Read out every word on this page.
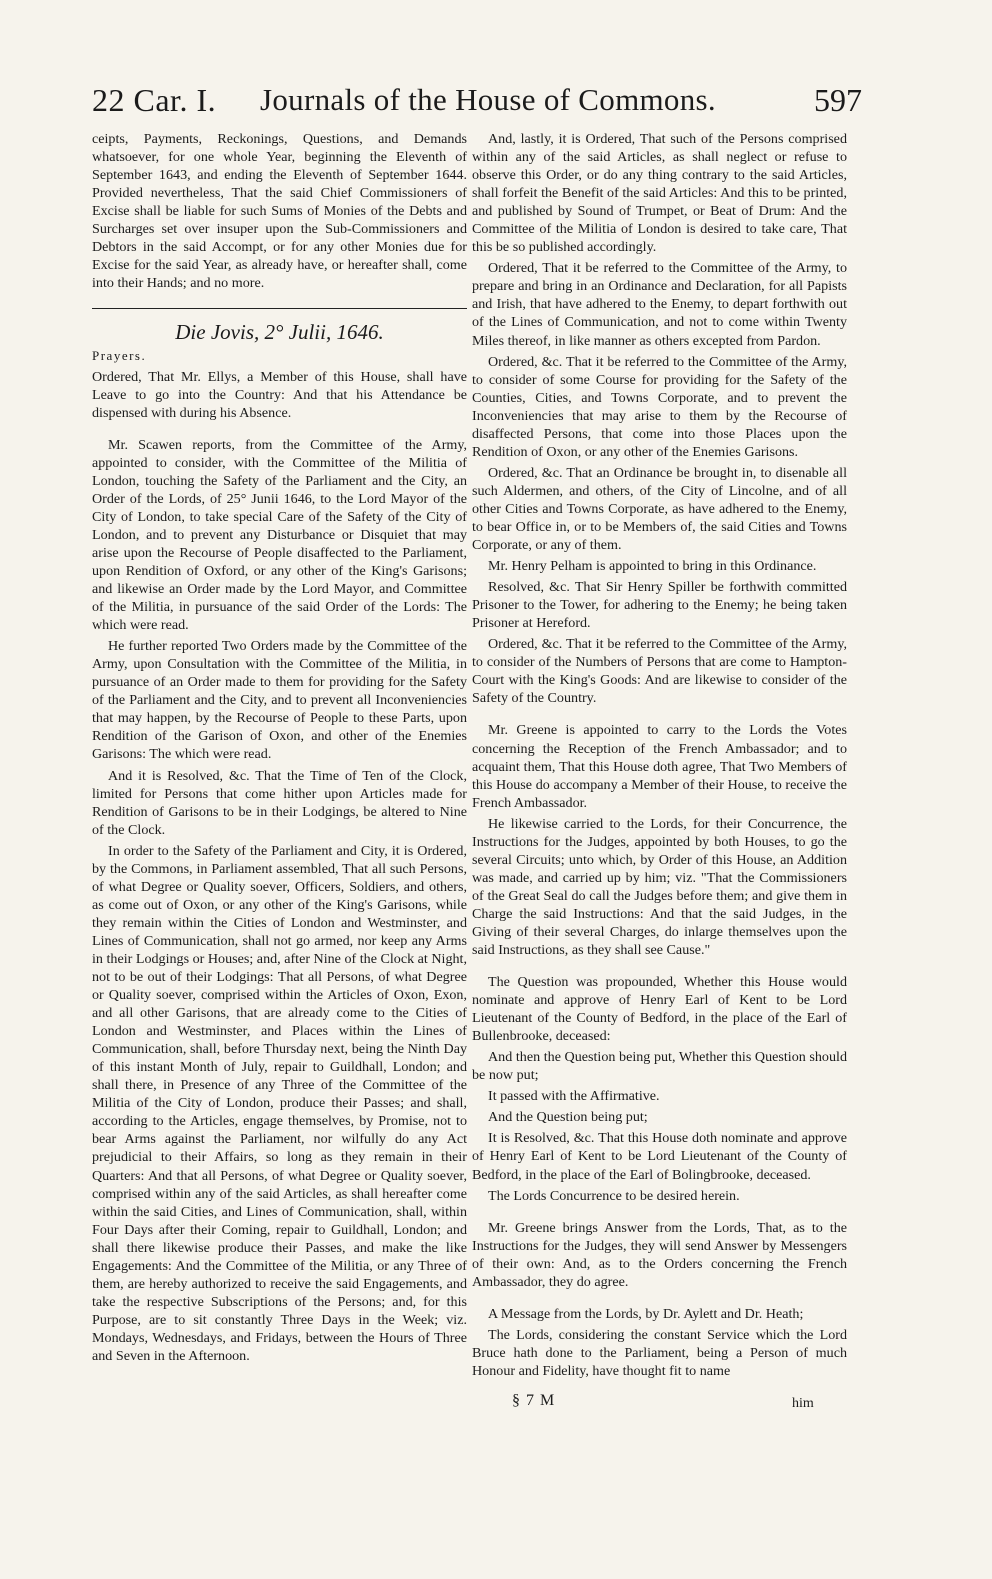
22 Car. I. Journals of the House of Commons.	597

ceipts, Payments, Reckonings, Questions, and Demands whatsoever, for one whole Year, beginning the Eleventh of September 1643, and ending the Eleventh of September 1644. Provided nevertheless, That the said Chief Commissioners of Excise shall be liable for such Sums of Monies of the Debts and Surcharges set over insuper upon the Sub-Commissioners and Debtors in the said Accompt, or for any other Monies due for Excise for the said Year, as already have, or hereafter shall, come into their Hands; and no more.

Die Jovis, 2° Julii, 1646.
Prayers.

Ordered, That Mr. Ellys, a Member of this House, shall have Leave to go into the Country: And that his Attendance be dispensed with during his Absence.

Mr. Scawen reports, from the Committee of the Army, appointed to consider, with the Committee of the Militia of London, touching the Safety of the Parliament and the City, an Order of the Lords, of 25° Junii 1646, to the Lord Mayor of the City of London, to take special Care of the Safety of the City of London, and to prevent any Disturbance or Disquiet that may arise upon the Recourse of People disaffected to the Parliament, upon Rendition of Oxford, or any other of the King's Garisons; and likewise an Order made by the Lord Mayor, and Committee of the Militia, in pursuance of the said Order of the Lords: The which were read.

He further reported Two Orders made by the Committee of the Army, upon Consultation with the Committee of the Militia, in pursuance of an Order made to them for providing for the Safety of the Parliament and the City, and to prevent all Inconveniencies that may happen, by the Recourse of People to these Parts, upon Rendition of the Garison of Oxon, and other of the Enemies Garisons: The which were read.

And it is Resolved, &c. That the Time of Ten of the Clock, limited for Persons that come hither upon Articles made for Rendition of Garisons to be in their Lodgings, be altered to Nine of the Clock.

In order to the Safety of the Parliament and City, it is Ordered, by the Commons, in Parliament assembled, That all such Persons, of what Degree or Quality soever, Officers, Soldiers, and others, as come out of Oxon, or any other of the King's Garisons, while they remain within the Cities of London and Westminster, and Lines of Communication, shall not go armed, nor keep any Arms in their Lodgings or Houses; and, after Nine of the Clock at Night, not to be out of their Lodgings: That all Persons, of what Degree or Quality soever, comprised within the Articles of Oxon, Exon, and all other Garisons, that are already come to the Cities of London and Westminster, and Places within the Lines of Communication, shall, before Thursday next, being the Ninth Day of this instant Month of July, repair to Guildhall, London; and shall there, in Presence of any Three of the Committee of the Militia of the City of London, produce their Passes; and shall, according to the Articles, engage themselves, by Promise, not to bear Arms against the Parliament, nor wilfully do any Act prejudicial to their Affairs, so long as they remain in their Quarters: And that all Persons, of what Degree or Quality soever, comprised within any of the said Articles, as shall hereafter come within the said Cities, and Lines of Communication, shall, within Four Days after their Coming, repair to Guildhall, London; and shall there likewise produce their Passes, and make the like Engagements: And the Committee of the Militia, or any Three of them, are hereby authorized to receive the said Engagements, and take the respective Subscriptions of the Persons; and, for this Purpose, are to sit constantly Three Days in the Week; viz. Mondays, Wednesdays, and Fridays, between the Hours of Three and Seven in the Afternoon.

And, lastly, it is Ordered, That such of the Persons comprised within any of the said Articles, as shall neglect or refuse to observe this Order, or do any thing contrary to the said Articles, shall forfeit the Benefit of the said Articles: And this to be printed, and published by Sound of Trumpet, or Beat of Drum: And the Committee of the Militia of London is desired to take care, That this be so published accordingly.

Ordered, That it be referred to the Committee of the Army, to prepare and bring in an Ordinance and Declaration, for all Papists and Irish, that have adhered to the Enemy, to depart forthwith out of the Lines of Communication, and not to come within Twenty Miles thereof, in like manner as others excepted from Pardon.

Ordered, &c. That it be referred to the Committee of the Army, to consider of some Course for providing for the Safety of the Counties, Cities, and Towns Corporate, and to prevent the Inconveniencies that may arise to them by the Recourse of disaffected Persons, that come into those Places upon the Rendition of Oxon, or any other of the Enemies Garisons.

Ordered, &c. That an Ordinance be brought in, to disenable all such Aldermen, and others, of the City of Lincolne, and of all other Cities and Towns Corporate, as have adhered to the Enemy, to bear Office in, or to be Members of, the said Cities and Towns Corporate, or any of them.

Mr. Henry Pelham is appointed to bring in this Ordinance.

Resolved, &c. That Sir Henry Spiller be forthwith committed Prisoner to the Tower, for adhering to the Enemy; he being taken Prisoner at Hereford.

Ordered, &c. That it be referred to the Committee of the Army, to consider of the Numbers of Persons that are come to Hampton-Court with the King's Goods: And are likewise to consider of the Safety of the Country.

Mr. Greene is appointed to carry to the Lords the Votes concerning the Reception of the French Ambassador; and to acquaint them, That this House doth agree, That Two Members of this House do accompany a Member of their House, to receive the French Ambassador.

He likewise carried to the Lords, for their Concurrence, the Instructions for the Judges, appointed by both Houses, to go the several Circuits; unto which, by Order of this House, an Addition was made, and carried up by him; viz. "That the Commissioners of the Great Seal do call the Judges before them; and give them in Charge the said Instructions: And that the said Judges, in the Giving of their several Charges, do inlarge themselves upon the said Instructions, as they shall see Cause."

The Question was propounded, Whether this House would nominate and approve of Henry Earl of Kent to be Lord Lieutenant of the County of Bedford, in the place of the Earl of Bullenbrooke, deceased:

And then the Question being put, Whether this Question should be now put;

It passed with the Affirmative.

And the Question being put;

It is Resolved, &c. That this House doth nominate and approve of Henry Earl of Kent to be Lord Lieutenant of the County of Bedford, in the place of the Earl of Bolingbrooke, deceased.

The Lords Concurrence to be desired herein.

Mr. Greene brings Answer from the Lords, That, as to the Instructions for the Judges, they will send Answer by Messengers of their own: And, as to the Orders concerning the French Ambassador, they do agree.

A Message from the Lords, by Dr. Aylett and Dr. Heath;

The Lords, considering the constant Service which the Lord Bruce hath done to the Parliament, being a Person of much Honour and Fidelity, have thought fit to name

§ 7 M	him
